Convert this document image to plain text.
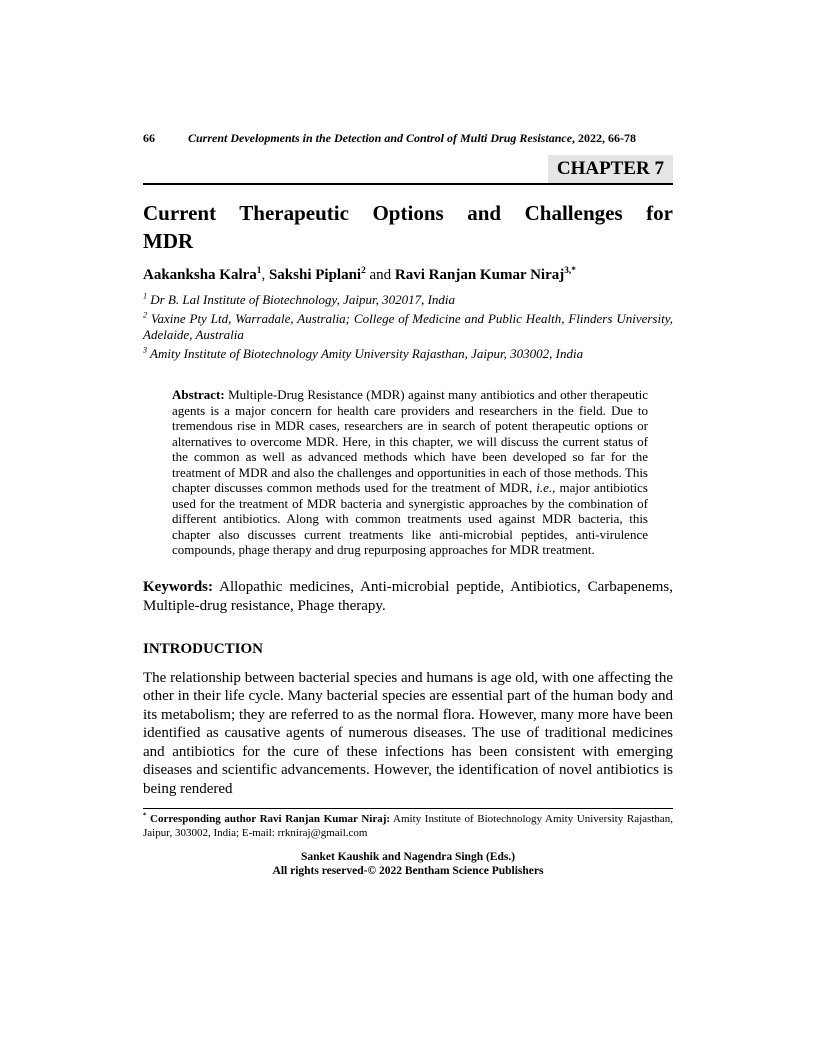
66	Current Developments in the Detection and Control of Multi Drug Resistance, 2022, 66-78
CHAPTER 7
Current Therapeutic Options and Challenges for
MDR

Aakanksha Kalra$^1$, Sakshi Piplani$^2$ and Ravi Ranjan Kumar Niraj$^{3,*}$

$^1$ Dr B. Lal Institute of Biotechnology, Jaipur, 302017, India

$^2$ Vaxine Pty Ltd, Warradale, Australia; College of Medicine and Public Health, Flinders University, Adelaide, Australia

$^3$ Amity Institute of Biotechnology Amity University Rajasthan, Jaipur, 303002, India

Abstract: Multiple-Drug Resistance (MDR) against many antibiotics and other therapeutic agents is a major concern for health care providers and researchers in the field. Due to tremendous rise in MDR cases, researchers are in search of potent therapeutic options or alternatives to overcome MDR. Here, in this chapter, we will discuss the current status of the common as well as advanced methods which have been developed so far for the treatment of MDR and also the challenges and opportunities in each of those methods. This chapter discusses common methods used for the treatment of MDR, i.e., major antibiotics used for the treatment of MDR bacteria and synergistic approaches by the combination of different antibiotics. Along with common treatments used against MDR bacteria, this chapter also discusses current treatments like anti-microbial peptides, anti-virulence compounds, phage therapy and drug repurposing approaches for MDR treatment.

Keywords: Allopathic medicines, Anti-microbial peptide, Antibiotics, Carbapenems, Multiple-drug resistance, Phage therapy.

INTRODUCTION

The relationship between bacterial species and humans is age old, with one affecting the other in their life cycle. Many bacterial species are essential part of the human body and its metabolism; they are referred to as the normal flora. However, many more have been identified as causative agents of numerous diseases. The use of traditional medicines and antibiotics for the cure of these infections has been consistent with emerging diseases and scientific advancements. However, the identification of novel antibiotics is being rendered

* Corresponding author Ravi Ranjan Kumar Niraj: Amity Institute of Biotechnology Amity University Rajasthan, Jaipur, 303002, India; E-mail: rrkniraj@gmail.com

Sanket Kaushik and Nagendra Singh (Eds.)

All rights reserved-© 2022 Bentham Science Publishers
